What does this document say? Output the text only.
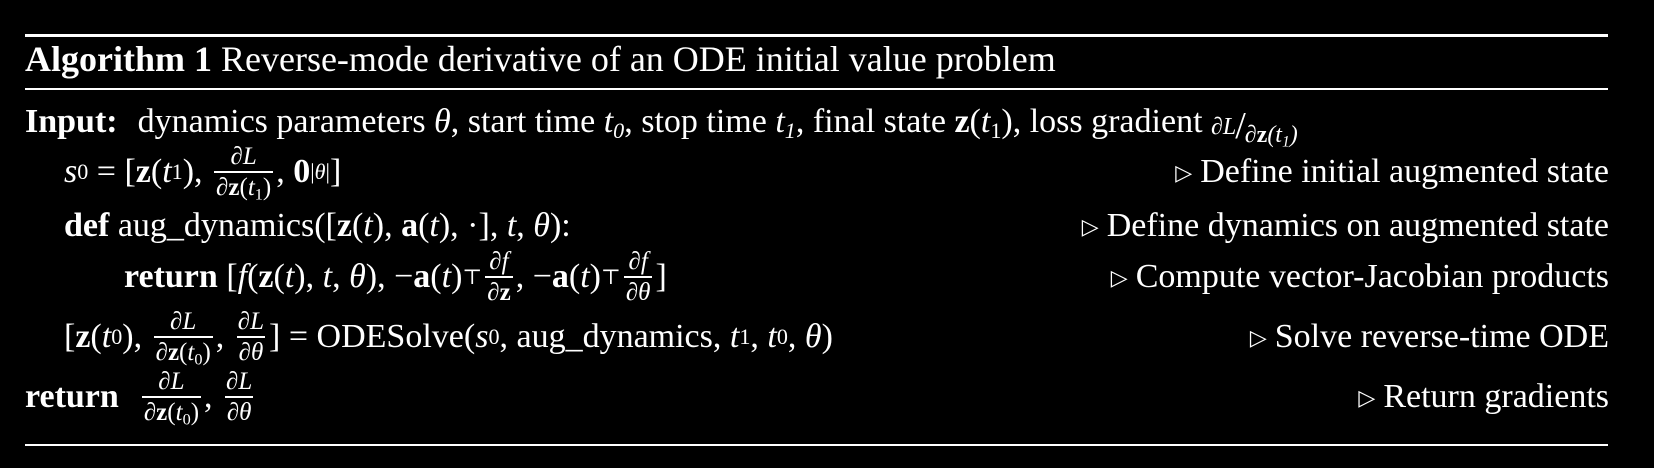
Algorithm 1 Reverse-mode derivative of an ODE initial value problem
Input: dynamics parameters
θ , start time
$t_0$ , stop time
$t_1$ , final state
$z(t_1)$ , loss gradient
$\partial L/\partial z(t_1)$
s 0 = [ z ( t 1 ), $\frac{\partial L}{\partial z(t_1)}$ , 0 |θ| ]	▷ Define initial augmented state
def
aug_dynamics( [ z ( t ), a ( t ), ·], t , θ ):	▷ Define dynamics on augmented state
return [ f ( z ( t ), t , θ ), − a ( t ) ⊤ $\frac{\partial f}{\partial z}$ , − a ( t ) ⊤ $\frac{\partial f}{\partial\theta}$ ]	▷ Compute vector-Jacobian products
[ z ( t 0 ), $\frac{\partial L}{\partial z(t_0)}$ , $\frac{\partial L}{\partial\theta}$ ] = ODESolve( s 0 , aug_dynamics , t 1 , t 0 , θ )	▷ Solve reverse-time ODE
return $\frac{\partial L}{\partial z(t_0)}$ , $\frac{\partial L}{\partial\theta}$	▷ Return gradients
